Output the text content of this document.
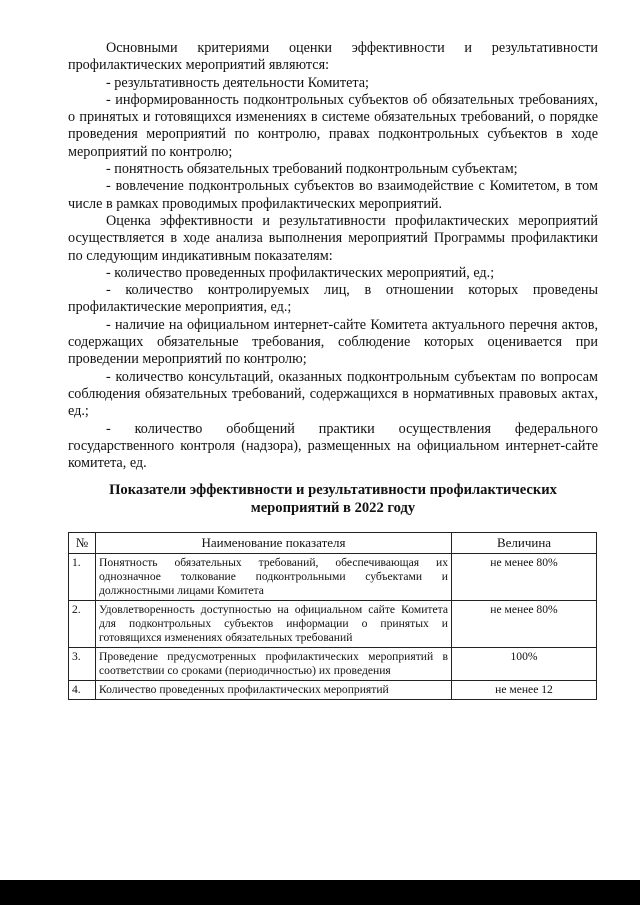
Основными критериями оценки эффективности и результативности профилактических мероприятий являются:

- результативность деятельности Комитета;

- информированность подконтрольных субъектов об обязательных требованиях, о принятых и готовящихся изменениях в системе обязательных требований, о порядке проведения мероприятий по контролю, правах подконтрольных субъектов в ходе мероприятий по контролю;

- понятность обязательных требований подконтрольным субъектам;

- вовлечение подконтрольных субъектов во взаимодействие с Комитетом, в том числе в рамках проводимых профилактических мероприятий.

Оценка эффективности и результативности профилактических мероприятий осуществляется в ходе анализа выполнения мероприятий Программы профилактики по следующим индикативным показателям:

- количество проведенных профилактических мероприятий, ед.;

- количество контролируемых лиц, в отношении которых проведены профилактические мероприятия, ед.;

- наличие на официальном интернет-сайте Комитета актуального перечня актов, содержащих обязательные требования, соблюдение которых оценивается при проведении мероприятий по контролю;

- количество консультаций, оказанных подконтрольным субъектам по вопросам соблюдения обязательных требований, содержащихся в нормативных правовых актах, ед.;

- количество обобщений практики осуществления федерального государственного контроля (надзора), размещенных на официальном интернет-сайте комитета, ед.

Показатели эффективности и результативности профилактических мероприятий в 2022 году
№	Наименование показателя	Величина
1.	Понятность обязательных требований, обеспечивающая их однозначное толкование подконтрольными субъектами и должностными лицами Комитета	не менее 80%
2.	Удовлетворенность доступностью на официальном сайте Комитета для подконтрольных субъектов информации о принятых и готовящихся изменениях обязательных требований	не менее 80%
3.	Проведение предусмотренных профилактических мероприятий в соответствии со сроками (периодичностью) их проведения	100%
4.	Количество проведенных профилактических мероприятий	не менее 12
